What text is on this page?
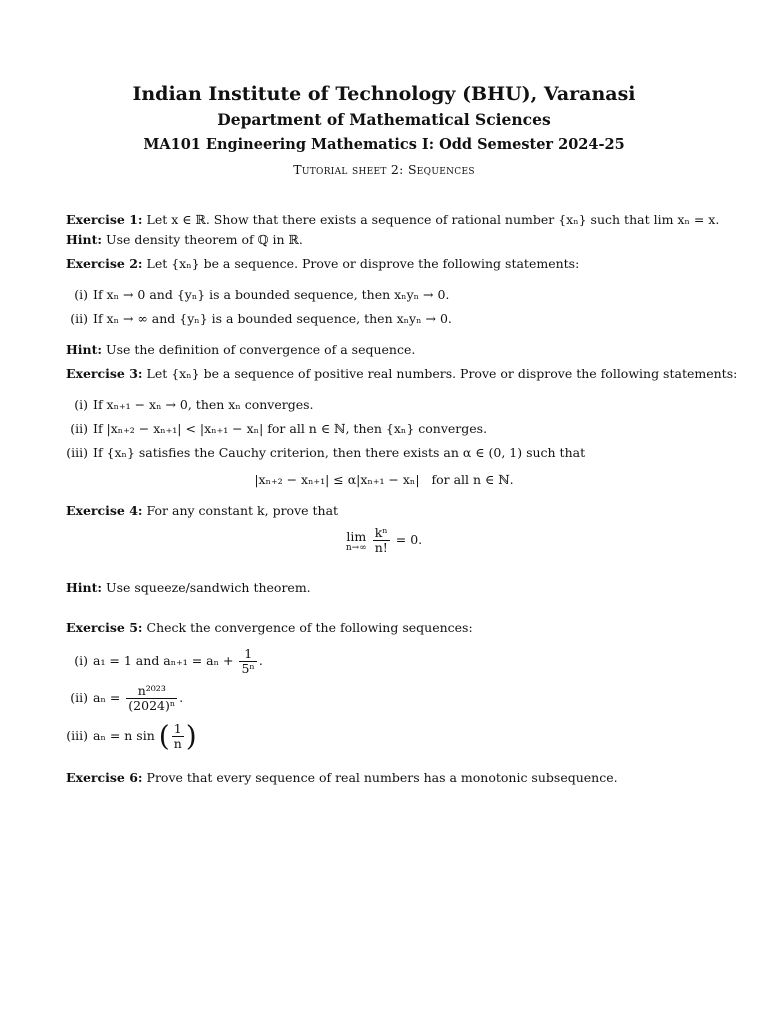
Indian Institute of Technology (BHU), Varanasi
Department of Mathematical Sciences
MA101 Engineering Mathematics I: Odd Semester 2024-25
Tutorial sheet 2: Sequences
Exercise 1: Let x ∈ ℝ. Show that there exists a sequence of rational number {xₙ} such that lim xₙ = x.
Hint: Use density theorem of ℚ in ℝ.
Exercise 2: Let {xₙ} be a sequence. Prove or disprove the following statements:
(i) If xₙ → 0 and {yₙ} is a bounded sequence, then xₙyₙ → 0.
(ii) If xₙ → ∞ and {yₙ} is a bounded sequence, then xₙyₙ → 0.
Hint: Use the definition of convergence of a sequence.
Exercise 3: Let {xₙ} be a sequence of positive real numbers. Prove or disprove the following statements:
(i) If xₙ₊₁ − xₙ → 0, then xₙ converges.
(ii) If |xₙ₊₂ − xₙ₊₁| < |xₙ₊₁ − xₙ| for all n ∈ ℕ, then {xₙ} converges.
(iii) If {xₙ} satisfies the Cauchy criterion, then there exists an α ∈ (0, 1) such that
|xₙ₊₂ − xₙ₊₁| ≤ α|xₙ₊₁ − xₙ|   for all n ∈ ℕ.
Exercise 4: For any constant k, prove that
lim
n→∞
$\frac{\text{kⁿ}}{n!} = 0$.
Hint: Use squeeze/sandwich theorem.
Exercise 5: Check the convergence of the following sequences:
(i) a₁ = 1 and $a_{n+1} = a_n + \frac{1}{\text{5ⁿ}}$ .
(ii) $a_n = \frac{\text{n²⁰²³}}{\text{(2024)ⁿ}}$ .
(iii) aₙ = n sin ( $\frac{1}{n}$ )
Exercise 6: Prove that every sequence of real numbers has a monotonic subsequence.
